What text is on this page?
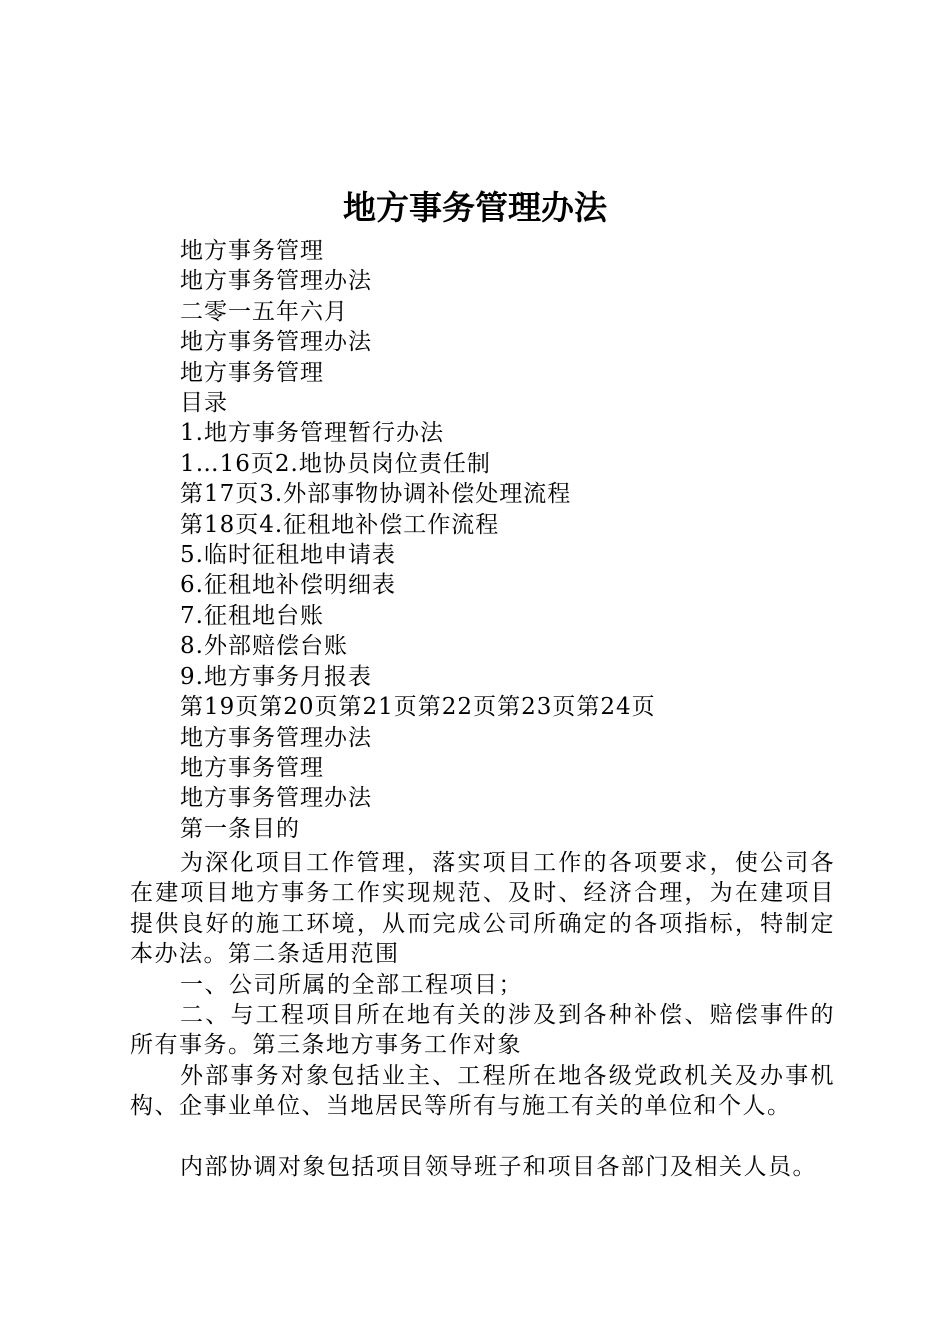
地方事务管理办法
地方事务管理
地方事务管理办法
二零一五年六月
地方事务管理办法
地方事务管理
目录
1.地方事务管理暂行办法
1…16页2.地协员岗位责任制
第17页3.外部事物协调补偿处理流程
第18页4.征租地补偿工作流程
5.临时征租地申请表
6.征租地补偿明细表
7.征租地台账
8.外部赔偿台账
9.地方事务月报表
第19页第20页第21页第22页第23页第24页
地方事务管理办法
地方事务管理
地方事务管理办法
第一条目的
为深化项目工作管理，落实项目工作的各项要求，使公司各在建项目地方事务工作实现规范、及时、经济合理，为在建项目提供良好的施工环境，从而完成公司所确定的各项指标，特制定本办法。第二条适用范围
一、公司所属的全部工程项目；
二、与工程项目所在地有关的涉及到各种补偿、赔偿事件的所有事务。第三条地方事务工作对象
外部事务对象包括业主、工程所在地各级党政机关及办事机构、企事业单位、当地居民等所有与施工有关的单位和个人。
内部协调对象包括项目领导班子和项目各部门及相关人员。
